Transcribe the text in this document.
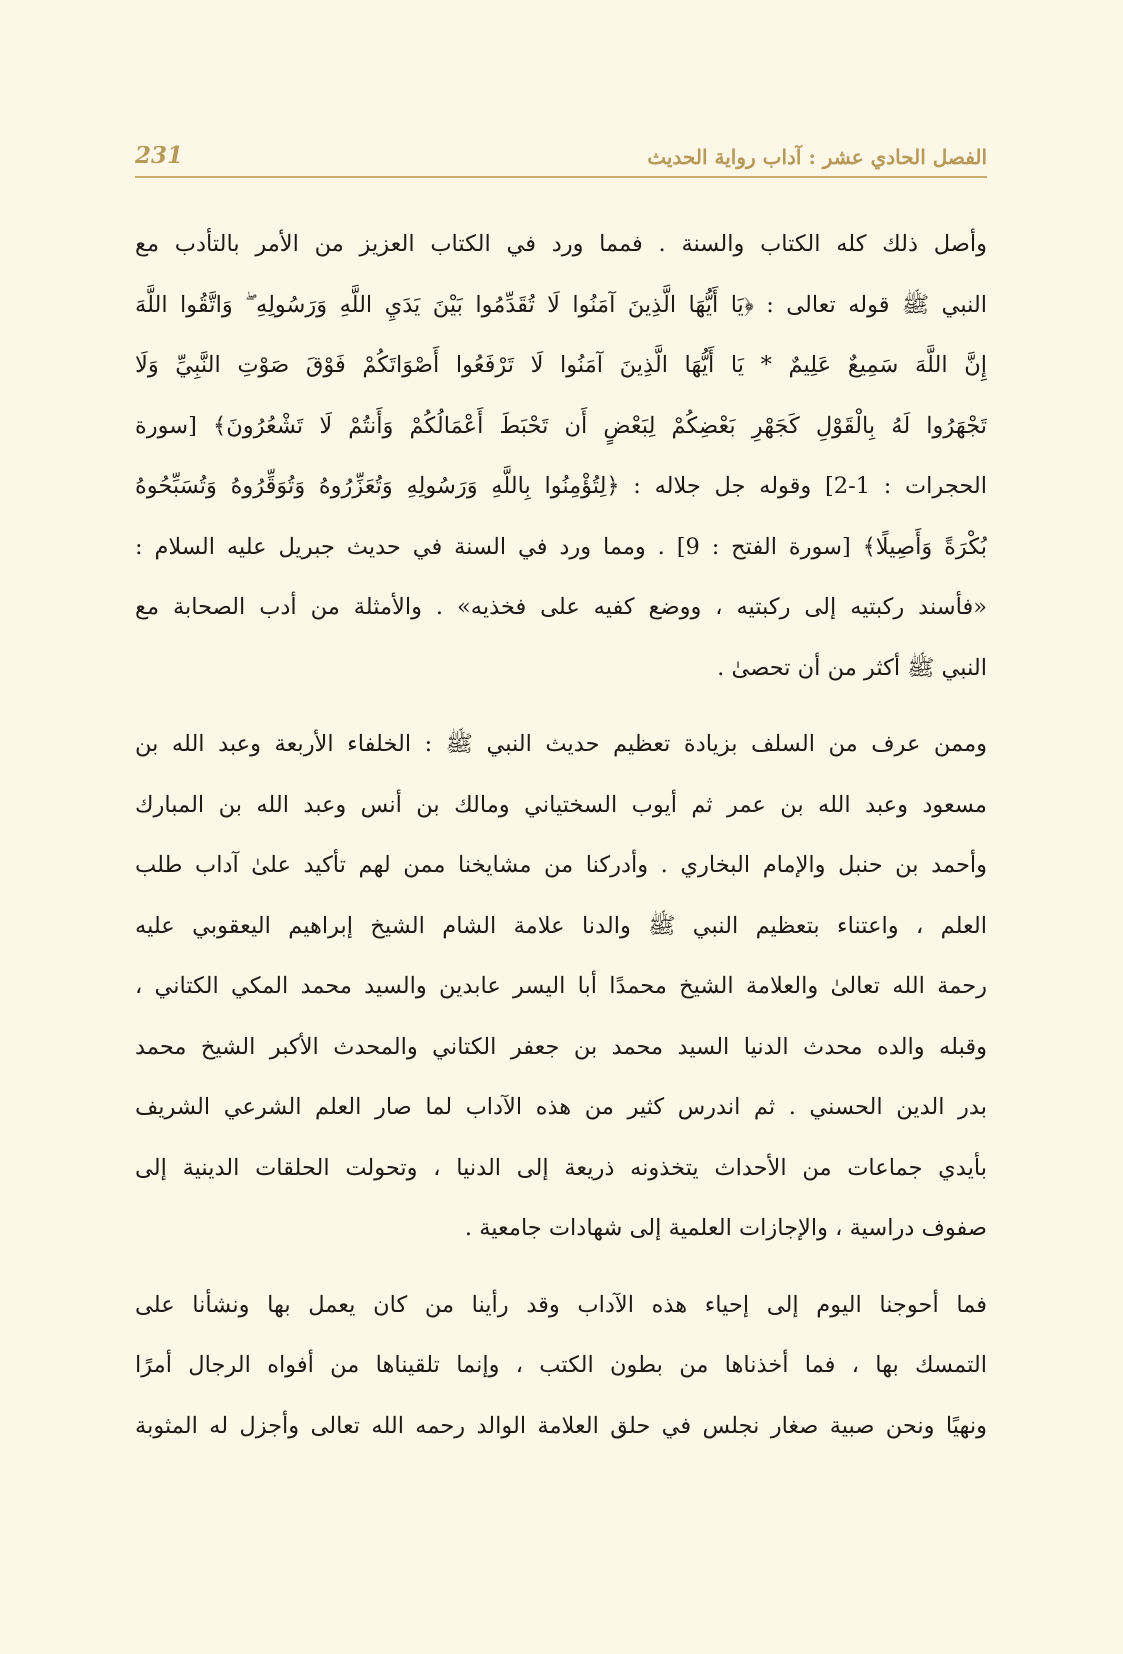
231	الفصل الحادي عشر : آداب رواية الحديث
وأصل ذلك كله الكتاب والسنة . فمما ورد في الكتاب العزيز من الأمر بالتأدب مع
النبي ﷺ قوله تعالى : ﴿يَا أَيُّهَا الَّذِينَ آمَنُوا لَا تُقَدِّمُوا بَيْنَ يَدَيِ اللَّهِ وَرَسُولِهِ ۖ وَاتَّقُوا اللَّهَ
إِنَّ اللَّهَ سَمِيعٌ عَلِيمٌ * يَا أَيُّهَا الَّذِينَ آمَنُوا لَا تَرْفَعُوا أَصْوَاتَكُمْ فَوْقَ صَوْتِ النَّبِيِّ وَلَا
تَجْهَرُوا لَهُ بِالْقَوْلِ كَجَهْرِ بَعْضِكُمْ لِبَعْضٍ أَن تَحْبَطَ أَعْمَالُكُمْ وَأَنتُمْ لَا تَشْعُرُونَ﴾ [سورة
الحجرات : 1-2] وقوله جل جلاله : ﴿لِتُؤْمِنُوا بِاللَّهِ وَرَسُولِهِ وَتُعَزِّرُوهُ وَتُوَقِّرُوهُ وَتُسَبِّحُوهُ
بُكْرَةً وَأَصِيلًا﴾ [سورة الفتح : 9] . ومما ورد في السنة في حديث جبريل عليه السلام :
«فأسند ركبتيه إلى ركبتيه ، ووضع كفيه على فخذيه» . والأمثلة من أدب الصحابة مع
النبي ﷺ أكثر من أن تحصىٰ .
وممن عرف من السلف بزيادة تعظيم حديث النبي ﷺ : الخلفاء الأربعة وعبد الله بن
مسعود وعبد الله بن عمر ثم أيوب السختياني ومالك بن أنس وعبد الله بن المبارك
وأحمد بن حنبل والإمام البخاري . وأدركنا من مشايخنا ممن لهم تأكيد علىٰ آداب طلب
العلم ، واعتناء بتعظيم النبي ﷺ والدنا علامة الشام الشيخ إبراهيم اليعقوبي عليه
رحمة الله تعالىٰ والعلامة الشيخ محمدًا أبا اليسر عابدين والسيد محمد المكي الكتاني ،
وقبله والده محدث الدنيا السيد محمد بن جعفر الكتاني والمحدث الأكبر الشيخ محمد
بدر الدين الحسني . ثم اندرس كثير من هذه الآداب لما صار العلم الشرعي الشريف
بأيدي جماعات من الأحداث يتخذونه ذريعة إلى الدنيا ، وتحولت الحلقات الدينية إلى
صفوف دراسية ، والإجازات العلمية إلى شهادات جامعية .
فما أحوجنا اليوم إلى إحياء هذه الآداب وقد رأينا من كان يعمل بها ونشأنا على
التمسك بها ، فما أخذناها من بطون الكتب ، وإنما تلقيناها من أفواه الرجال أمرًا
ونهيًا ونحن صبية صغار نجلس في حلق العلامة الوالد رحمه الله تعالى وأجزل له المثوبة
